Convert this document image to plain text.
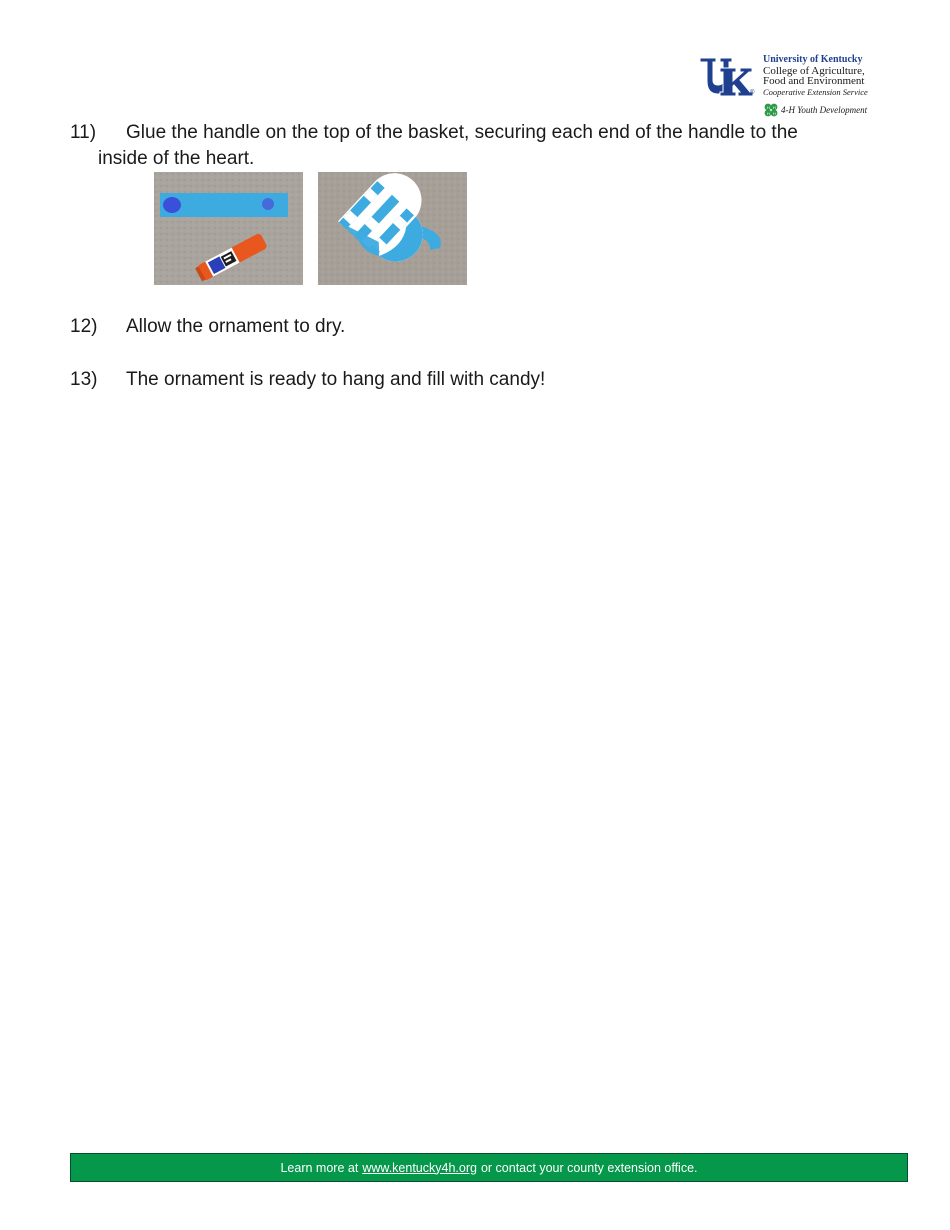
®
University of Kentucky
College of Agriculture,
Food and Environment
Cooperative Extension Service
H H
H H 4-H Youth Development
11) Glue the handle on the top of the basket, securing each end of the handle to the
inside of the heart.
12) Allow the ornament to dry.
13) The ornament is ready to hang and fill with candy!
Learn more at www.kentucky4h.org or contact your county extension office.
